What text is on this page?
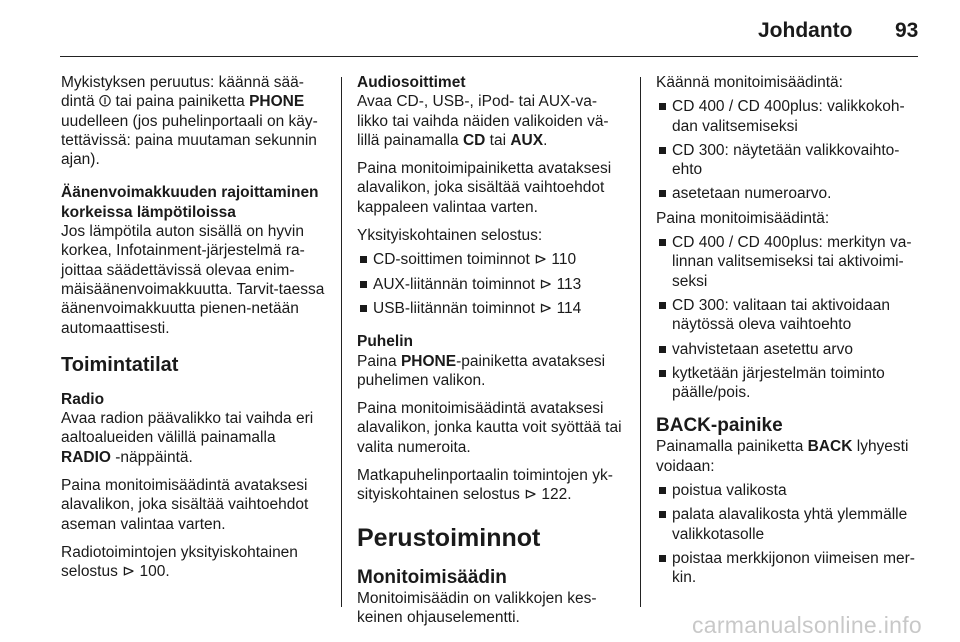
Johdanto 93

Mykistyksen peruutus: käännä sää-dintä ⏼ tai paina painiketta PHONE uudelleen (jos puhelinportaali on käy-tettävissä: paina muutaman sekunnin ajan).

Äänenvoimakkuuden rajoittaminen korkeissa lämpötiloissa

Jos lämpötila auton sisällä on hyvin korkea, Infotainment-järjestelmä ra-joittaa säädettävissä olevaa enim-mäisäänenvoimakkuutta. Tarvit-taessa äänenvoimakkuutta pienen-netään automaattisesti.

Toimintatilat

Radio

Avaa radion päävalikko tai vaihda eri aaltoalueiden välillä painamalla RADIO -näppäintä.

Paina monitoimisäädintä avataksesi alavalikon, joka sisältää vaihtoehdot aseman valintaa varten.

Radiotoimintojen yksityiskohtainen selostus ⊳ 100.

Audiosoittimet

Avaa CD-, USB-, iPod- tai AUX-va-likko tai vaihda näiden valikoiden vä-lillä painamalla CD tai AUX.

Paina monitoimipainiketta avataksesi alavalikon, joka sisältää vaihtoehdot kappaleen valintaa varten.

Yksityiskohtainen selostus:

CD-soittimen toiminnot ⊳ 110
AUX-liitännän toiminnot ⊳ 113
USB-liitännän toiminnot ⊳ 114

Puhelin

Paina PHONE-painiketta avataksesi puhelimen valikon.

Paina monitoimisäädintä avataksesi alavalikon, jonka kautta voit syöttää tai valita numeroita.

Matkapuhelinportaalin toimintojen yk-sityiskohtainen selostus ⊳ 122.

Perustoiminnot

Monitoimisäädin

Monitoimisäädin on valikkojen kes-keinen ohjauselementti.

Käännä monitoimisäädintä:

CD 400 / CD 400plus: valikkokoh-dan valitsemiseksi
CD 300: näytetään valikkovaihto-ehto
asetetaan numeroarvo.

Paina monitoimisäädintä:

CD 400 / CD 400plus: merkityn va-linnan valitsemiseksi tai aktivoimi-seksi
CD 300: valitaan tai aktivoidaan näytössä oleva vaihtoehto
vahvistetaan asetettu arvo
kytketään järjestelmän toiminto päälle/pois.

BACK-painike

Painamalla painiketta BACK lyhyesti voidaan:

poistua valikosta
palata alavalikosta yhtä ylemmälle valikkotasolle
poistaa merkkijonon viimeisen mer-kin.
carmanualsonline.info
